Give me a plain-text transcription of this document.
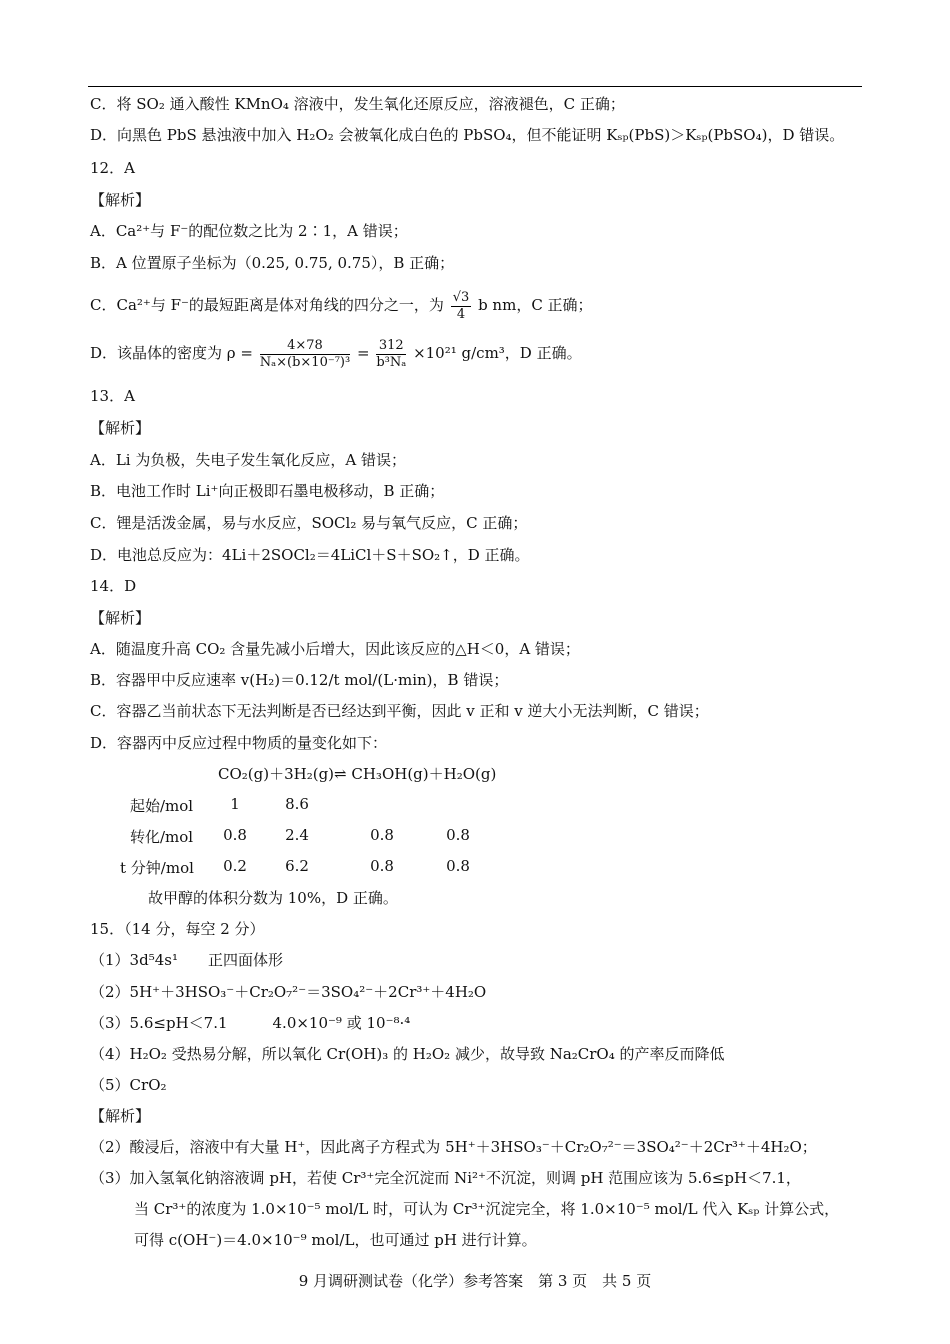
C．将 SO₂ 通入酸性 KMnO₄ 溶液中，发生氧化还原反应，溶液褪色，C 正确；
D．向黑色 PbS 悬浊液中加入 H₂O₂ 会被氧化成白色的 PbSO₄，但不能证明 Kₛₚ(PbS)＞Kₛₚ(PbSO₄)，D 错误。
12．A
【解析】
A．Ca²⁺与 F⁻的配位数之比为 2∶1，A 错误；
B．A 位置原子坐标为（0.25, 0.75, 0.75），B 正确；
C．Ca²⁺与 F⁻的最短距离是体对角线的四分之一，为 $\frac{√3}{4}$ b nm，C 正确；
D．该晶体的密度为 $\rho = \frac{4\times 78}{\text{Nₐ×(b×10⁻⁷)³}} = \frac{312}{\text{b³Nₐ}} \times 10^{21}$ g/cm³，D 正确。
13．A
【解析】
A．Li 为负极，失电子发生氧化反应，A 错误；
B．电池工作时 Li⁺向正极即石墨电极移动，B 正确；
C．锂是活泼金属，易与水反应，SOCl₂ 易与氧气反应，C 正确；
D．电池总反应为：4Li＋2SOCl₂＝4LiCl＋S＋SO₂↑，D 正确。
14．D
【解析】
A．随温度升高 CO₂ 含量先减小后增大，因此该反应的△H＜0，A 错误；
B．容器甲中反应速率 v(H₂)＝0.12/t mol/(L·min)，B 错误；
C．容器乙当前状态下无法判断是否已经达到平衡，因此 v 正和 v 逆大小无法判断，C 错误；
D．容器丙中反应过程中物质的量变化如下：
CO₂(g)＋3H₂(g)⇌ CH₃OH(g)＋H₂O(g)
起始/mol	1	8.6
转化/mol	0.8	2.4	0.8	0.8
t 分钟/mol	0.2	6.2	0.8	0.8
故甲醇的体积分数为 10%，D 正确。
15．（14 分，每空 2 分）
（1）3d⁵4s¹　　正四面体形
（2）5H⁺＋3HSO₃⁻＋Cr₂O₇²⁻＝3SO₄²⁻＋2Cr³⁺＋4H₂O
（3）5.6≤pH＜7.1　　　4.0×10⁻⁹ 或 10⁻⁸·⁴
（4）H₂O₂ 受热易分解，所以氧化 Cr(OH)₃ 的 H₂O₂ 减少，故导致 Na₂CrO₄ 的产率反而降低
（5）CrO₂
【解析】
（2）酸浸后，溶液中有大量 H⁺，因此离子方程式为 5H⁺＋3HSO₃⁻＋Cr₂O₇²⁻＝3SO₄²⁻＋2Cr³⁺＋4H₂O；
（3）加入氢氧化钠溶液调 pH，若使 Cr³⁺完全沉淀而 Ni²⁺不沉淀，则调 pH 范围应该为 5.6≤pH＜7.1，
当 Cr³⁺的浓度为 1.0×10⁻⁵ mol/L 时，可认为 Cr³⁺沉淀完全，将 1.0×10⁻⁵ mol/L 代入 Kₛₚ 计算公式，
可得 c(OH⁻)＝4.0×10⁻⁹ mol/L，也可通过 pH 进行计算。
9 月调研测试卷（化学）参考答案　第 3 页　共 5 页
